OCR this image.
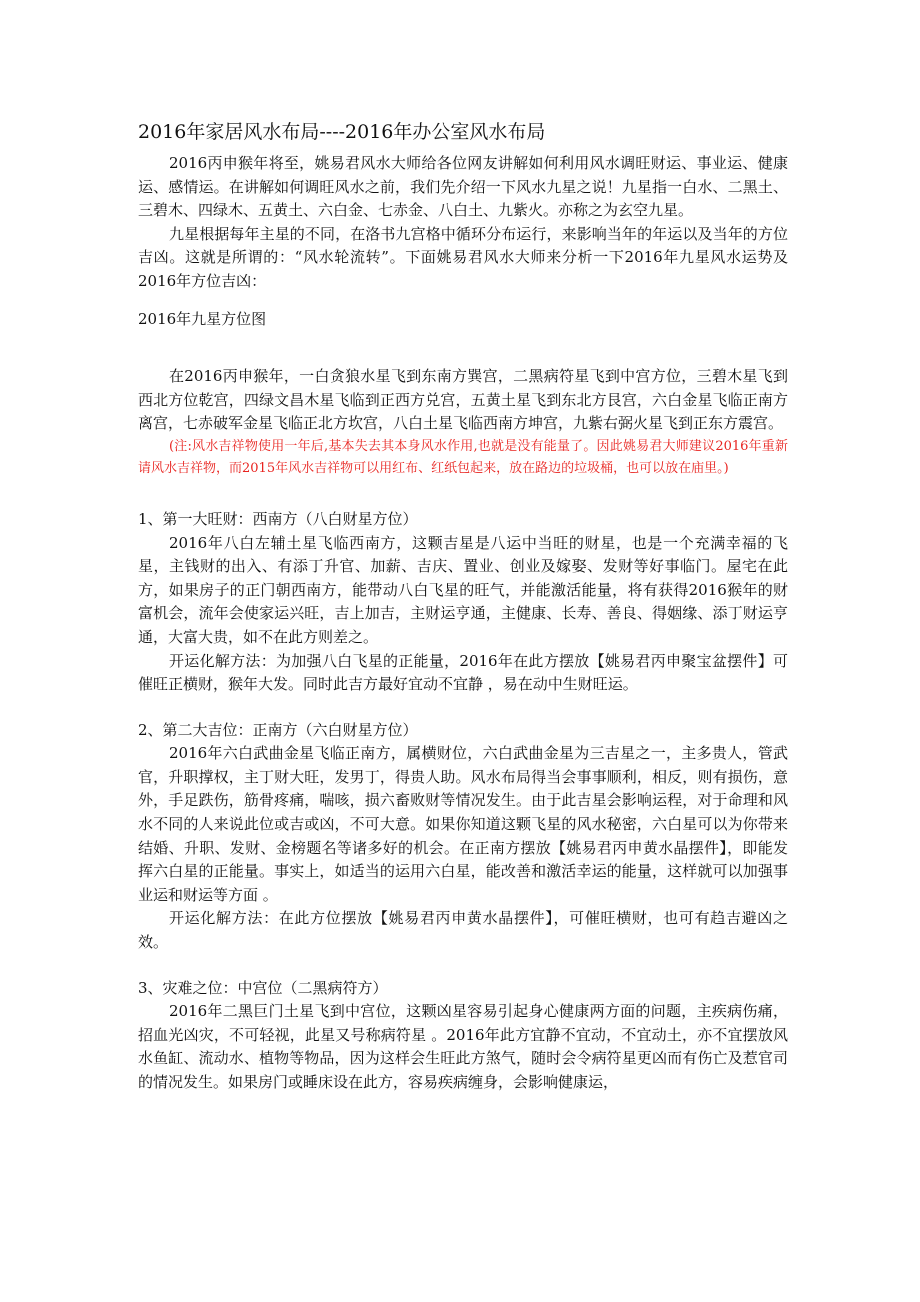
2016年家居风水布局----2016年办公室风水布局

2016丙申猴年将至，姚易君风水大师给各位网友讲解如何利用风水调旺财运、事业运、健康运、感情运。在讲解如何调旺风水之前，我们先介绍一下风水九星之说！九星指一白水、二黑土、三碧木、四绿木、五黄土、六白金、七赤金、八白土、九紫火。亦称之为玄空九星。

九星根据每年主星的不同，在洛书九宫格中循环分布运行，来影响当年的年运以及当年的方位吉凶。这就是所谓的：“风水轮流转”。下面姚易君风水大师来分析一下2016年九星风水运势及2016年方位吉凶：

2016年九星方位图

在2016丙申猴年，一白贪狼水星飞到东南方巽宫，二黑病符星飞到中宫方位，三碧木星飞到西北方位乾宫，四绿文昌木星飞临到正西方兑宫，五黄土星飞到东北方艮宫，六白金星飞临正南方离宫，七赤破军金星飞临正北方坎宫，八白土星飞临西南方坤宫，九紫右弼火星飞到正东方震宫。

(注:风水吉祥物使用一年后,基本失去其本身风水作用,也就是没有能量了。因此姚易君大师建议2016年重新请风水吉祥物，而2015年风水吉祥物可以用红布、红纸包起来，放在路边的垃圾桶，也可以放在庙里。)

1、第一大旺财：西南方（八白财星方位）

2016年八白左辅土星飞临西南方，这颗吉星是八运中当旺的财星，也是一个充满幸福的飞星，主钱财的出入、有添丁升官、加薪、吉庆、置业、创业及嫁娶、发财等好事临门。屋宅在此方，如果房子的正门朝西南方，能带动八白飞星的旺气，并能激活能量，将有获得2016猴年的财富机会，流年会使家运兴旺，吉上加吉，主财运亨通，主健康、长寿、善良、得姻缘、添丁财运亨通，大富大贵，如不在此方则差之。

开运化解方法：为加强八白飞星的正能量，2016年在此方摆放【姚易君丙申聚宝盆摆件】可催旺正横财，猴年大发。同时此吉方最好宜动不宜静 ，易在动中生财旺运。

2、第二大吉位：正南方（六白财星方位）

2016年六白武曲金星飞临正南方，属横财位，六白武曲金星为三吉星之一，主多贵人，管武官，升职撑权，主丁财大旺，发男丁，得贵人助。风水布局得当会事事顺利，相反，则有损伤，意外，手足跌伤，筋骨疼痛，喘咳，损六畜败财等情况发生。由于此吉星会影响运程，对于命理和风水不同的人来说此位或吉或凶，不可大意。如果你知道这颗飞星的风水秘密，六白星可以为你带来结婚、升职、发财、金榜题名等诸多好的机会。在正南方摆放【姚易君丙申黄水晶摆件】，即能发挥六白星的正能量。事实上，如适当的运用六白星，能改善和激活幸运的能量，这样就可以加强事业运和财运等方面 。

开运化解方法：在此方位摆放【姚易君丙申黄水晶摆件】，可催旺横财，也可有趋吉避凶之效。

3、灾难之位：中宫位（二黑病符方）

2016年二黑巨门土星飞到中宫位，这颗凶星容易引起身心健康两方面的问题，主疾病伤痛，招血光凶灾，不可轻视，此星又号称病符星 。2016年此方宜静不宜动，不宜动土，亦不宜摆放风水鱼缸、流动水、植物等物品，因为这样会生旺此方煞气，随时会令病符星更凶而有伤亡及惹官司的情况发生。如果房门或睡床设在此方，容易疾病缠身，会影响健康运，
